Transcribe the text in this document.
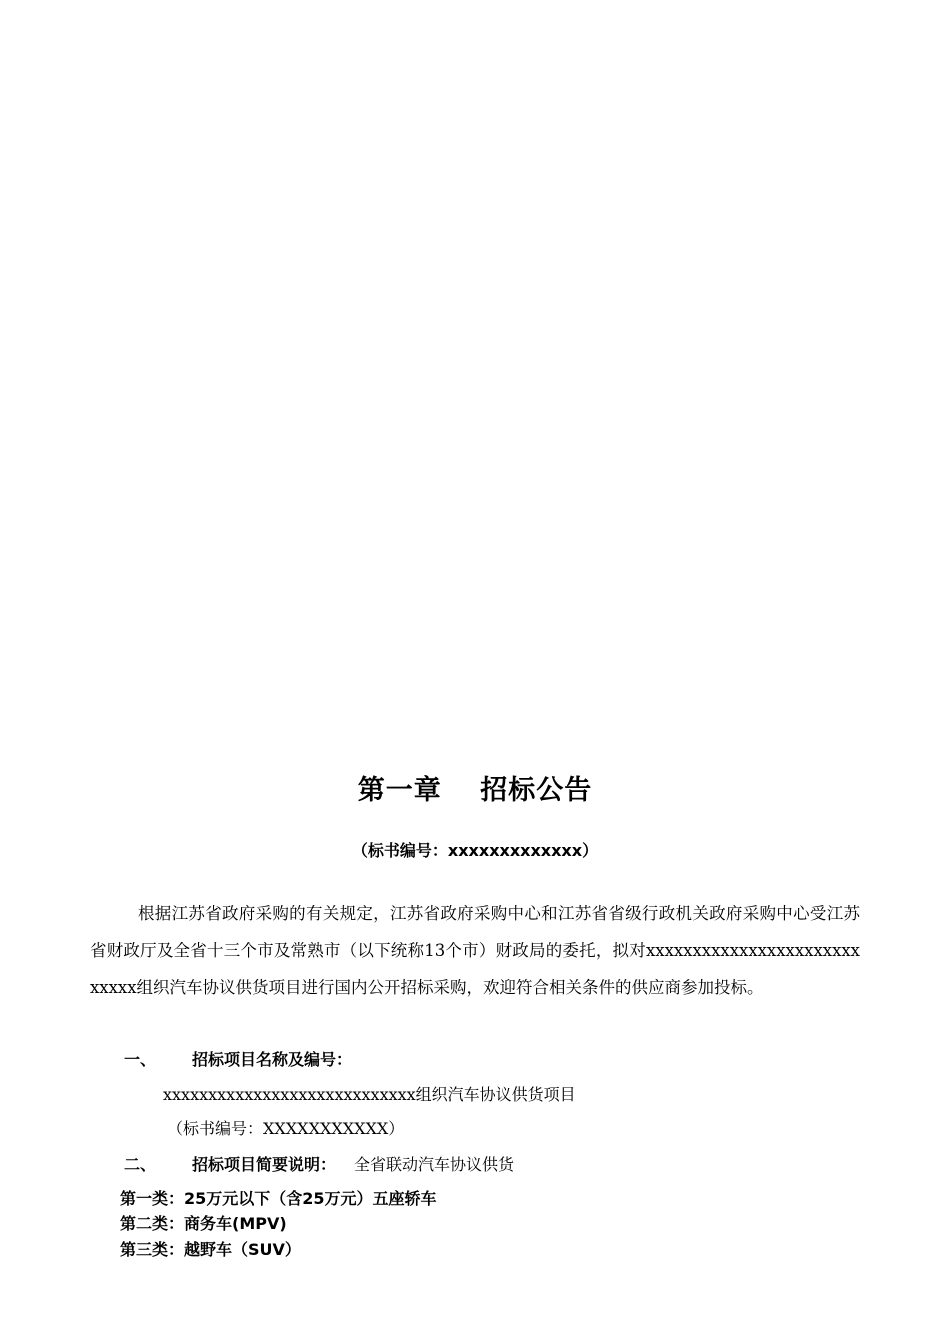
第一章　 招标公告
（标书编号：xxxxxxxxxxxxx）
根据江苏省政府采购的有关规定，江苏省政府采购中心和江苏省省级行政机关政府采购中心受江苏省财政厅及全省十三个市及常熟市（以下统称13个市）财政局的委托，拟对xxxxxxxxxxxxxxxxxxxxxxxxxxxx组织汽车协议供货项目进行国内公开招标采购，欢迎符合相关条件的供应商参加投标。
一、 招标项目名称及编号：
xxxxxxxxxxxxxxxxxxxxxxxxxxxx组织汽车协议供货项目
（标书编号：XXXXXXXXXXX）
二、 招标项目简要说明： 全省联动汽车协议供货
第一类：25万元以下（含25万元）五座轿车
第二类：商务车(MPV)
第三类：越野车（SUV）
